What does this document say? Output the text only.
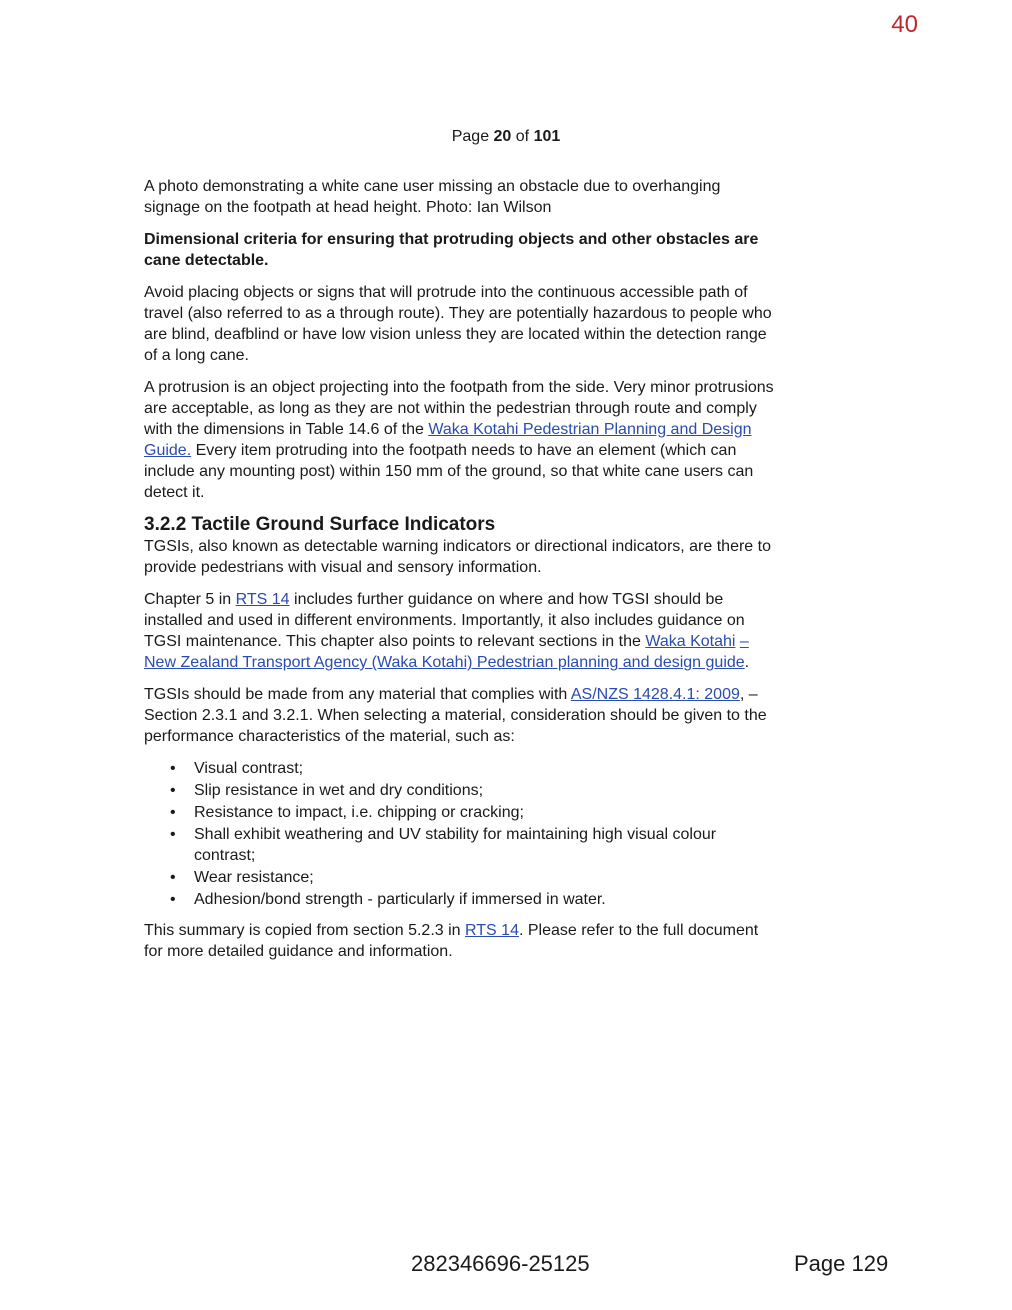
40
Page 20 of 101

A photo demonstrating a white cane user missing an obstacle due to overhanging signage on the footpath at head height. Photo: Ian Wilson

Dimensional criteria for ensuring that protruding objects and other obstacles are cane detectable.

Avoid placing objects or signs that will protrude into the continuous accessible path of travel (also referred to as a through route). They are potentially hazardous to people who are blind, deafblind or have low vision unless they are located within the detection range of a long cane.

A protrusion is an object projecting into the footpath from the side. Very minor protrusions are acceptable, as long as they are not within the pedestrian through route and comply with the dimensions in Table 14.6 of the Waka Kotahi Pedestrian Planning and Design Guide. Every item protruding into the footpath needs to have an element (which can include any mounting post) within 150 mm of the ground, so that white cane users can detect it.

3.2.2 Tactile Ground Surface Indicators

TGSIs, also known as detectable warning indicators or directional indicators, are there to provide pedestrians with visual and sensory information.

Chapter 5 in RTS 14 includes further guidance on where and how TGSI should be installed and used in different environments. Importantly, it also includes guidance on TGSI maintenance. This chapter also points to relevant sections in the Waka Kotahi – New Zealand Transport Agency (Waka Kotahi) Pedestrian planning and design guide.

TGSIs should be made from any material that complies with AS/NZS 1428.4.1: 2009, – Section 2.3.1 and 3.2.1. When selecting a material, consideration should be given to the performance characteristics of the material, such as:

• Visual contrast;
• Slip resistance in wet and dry conditions;
• Resistance to impact, i.e. chipping or cracking;
• Shall exhibit weathering and UV stability for maintaining high visual colour contrast;
• Wear resistance;
• Adhesion/bond strength - particularly if immersed in water.

This summary is copied from section 5.2.3 in RTS 14. Please refer to the full document for more detailed guidance and information.

282346696-25125	Page 129
